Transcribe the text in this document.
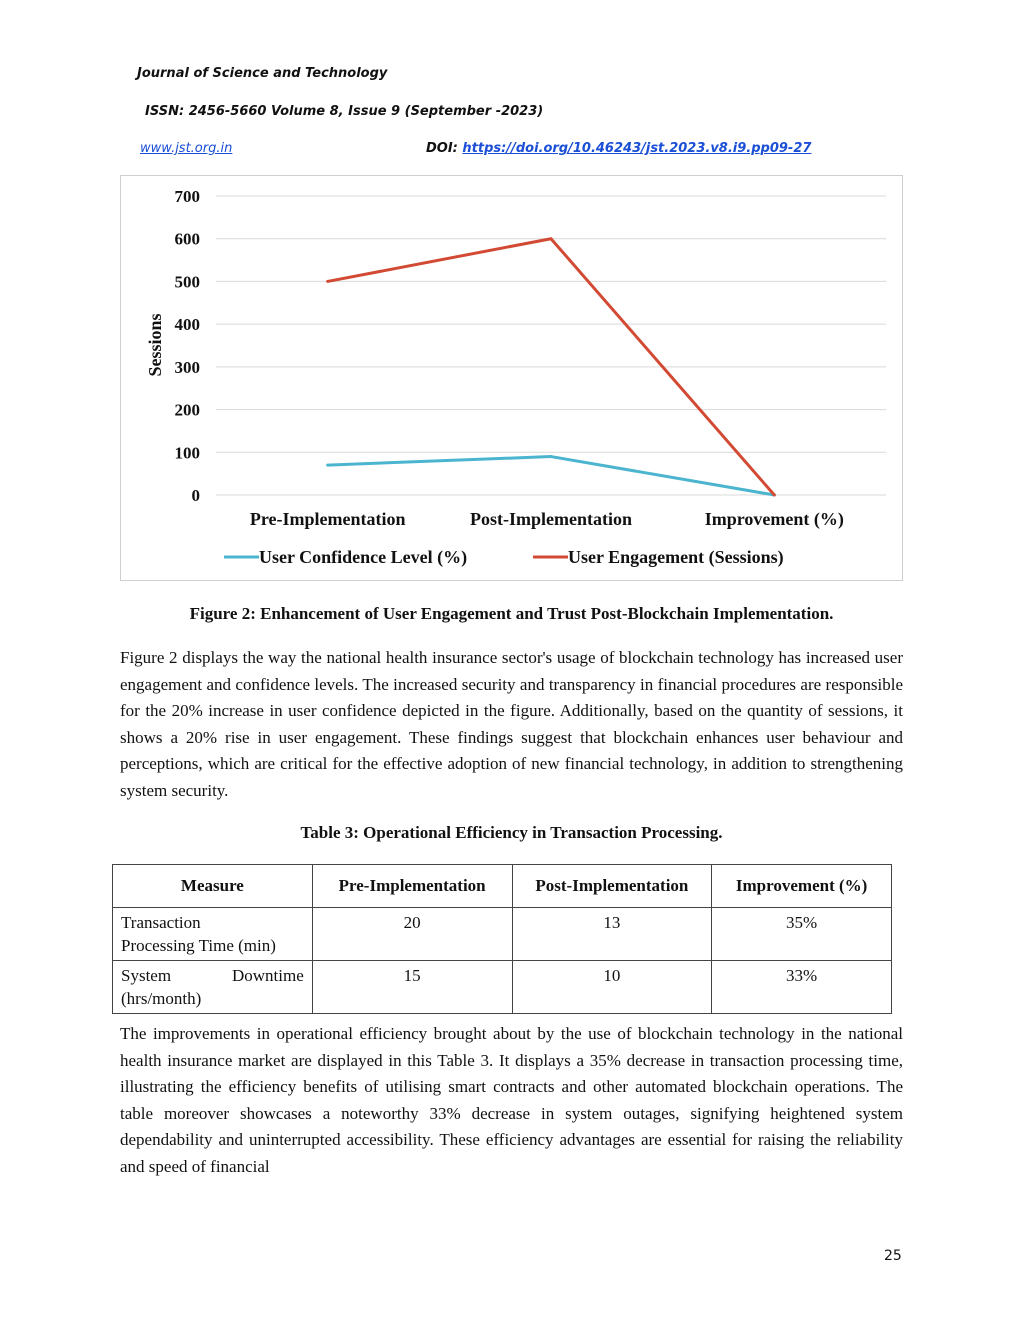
Journal of Science and Technology
ISSN: 2456-5660 Volume 8, Issue 9 (September -2023)
www.jst.org.in	DOI: https://doi.org/10.46243/jst.2023.v8.i9.pp09-27
0
100
200
300
400
500
600
700
Pre-Implementation	Post-Implementation	Improvement (%)
Sessions
User Confidence Level (%)	User Engagement (Sessions)
Figure 2: Enhancement of User Engagement and Trust Post-Blockchain Implementation.
Figure 2 displays the way the national health insurance sector's usage of blockchain technology has increased user engagement and confidence levels. The increased security and transparency in financial procedures are responsible for the 20% increase in user confidence depicted in the figure. Additionally, based on the quantity of sessions, it shows a 20% rise in user engagement. These findings suggest that blockchain enhances user behaviour and perceptions, which are critical for the effective adoption of new financial technology, in addition to strengthening system security.
Table 3: Operational Efficiency in Transaction Processing.
Measure	Pre-Implementation	Post-Implementation	Improvement (%)

Transaction
Processing Time (min)	20	13	35%

System Downtime
(hrs/month)	15	10	33%
The improvements in operational efficiency brought about by the use of blockchain technology in the national health insurance market are displayed in this Table 3. It displays a 35% decrease in transaction processing time, illustrating the efficiency benefits of utilising smart contracts and other automated blockchain operations. The table moreover showcases a noteworthy 33% decrease in system outages, signifying heightened system dependability and uninterrupted accessibility. These efficiency advantages are essential for raising the reliability and speed of financial
25
